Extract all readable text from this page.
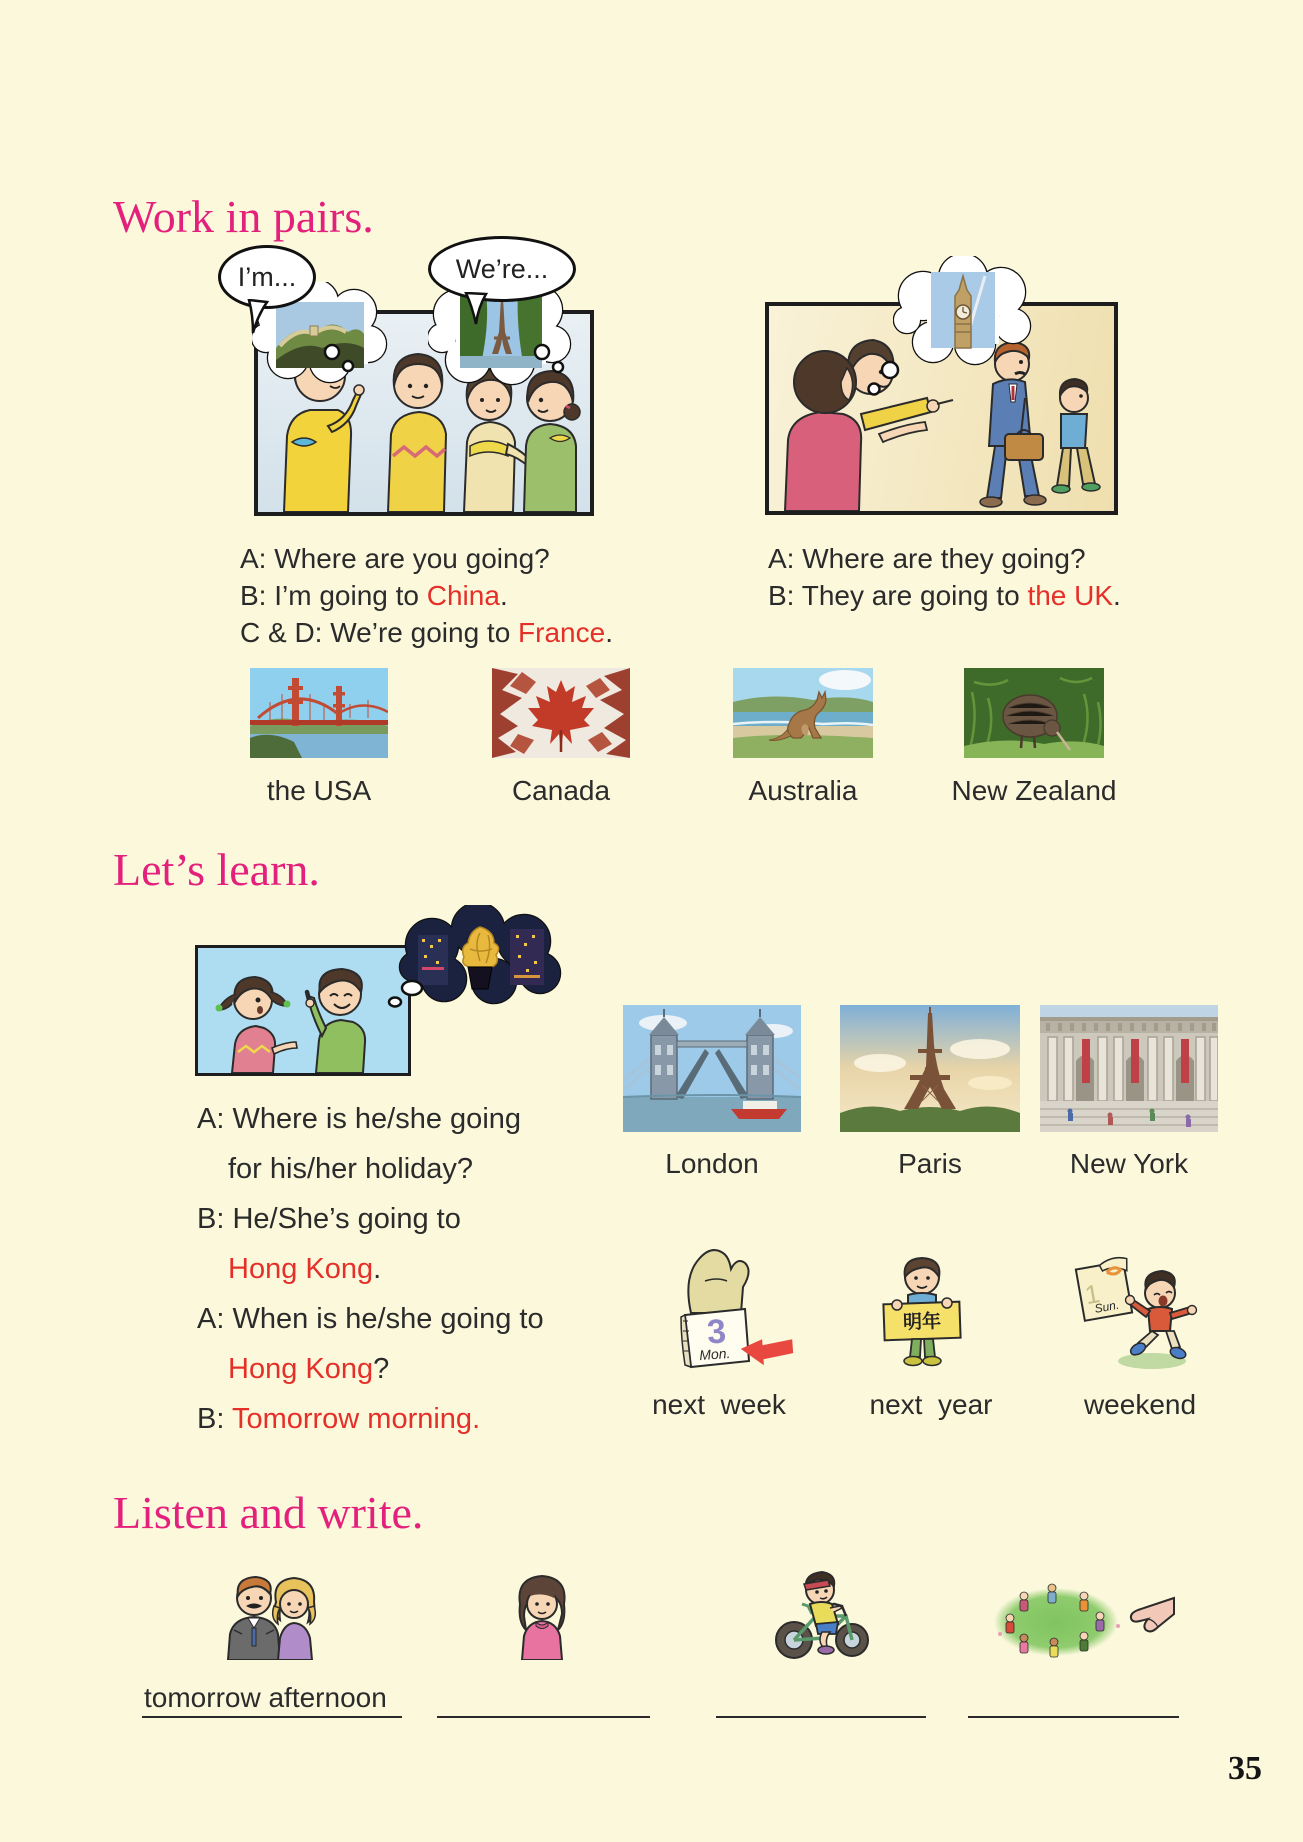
Work in pairs.
I’m...	We’re...
A: Where are you going?
B: I’m going to China.
C & D: We’re going to France.
A: Where are they going?
B: They are going to the UK.
the USA	Canada	Australia	New Zealand
Let’s learn.
A: Where is he/she going
for his/her holiday?
B: He/She’s going to
Hong Kong.
A: When is he/she going to
Hong Kong?
B: Tomorrow morning.
London	Paris	New York
3
Mon.
明年
1
Sun.
next  week	next  year	weekend
Listen and write.
tomorrow afternoon
35
